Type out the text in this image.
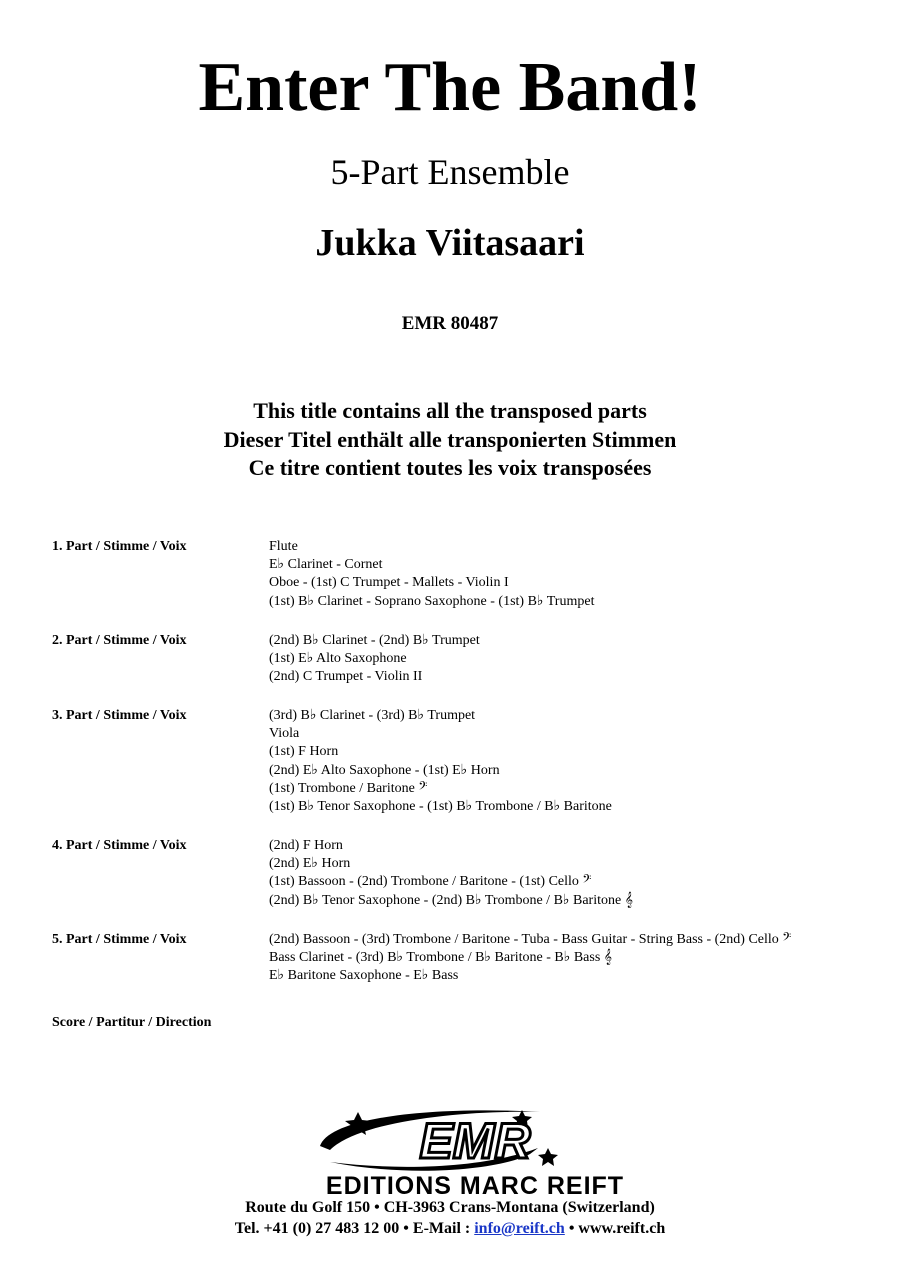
Enter The Band!
5-Part Ensemble
Jukka Viitasaari
EMR 80487
This title contains all the transposed parts
Dieser Titel enthält alle transponierten Stimmen
Ce titre contient toutes les voix transposées
1. Part / Stimme / Voix	Flute
E♭ Clarinet - Cornet
Oboe - (1st) C Trumpet - Mallets - Violin I
(1st) B♭ Clarinet - Soprano Saxophone - (1st) B♭ Trumpet
2. Part / Stimme / Voix	(2nd) B♭ Clarinet - (2nd) B♭ Trumpet
(1st) E♭ Alto Saxophone
(2nd) C Trumpet - Violin II
3. Part / Stimme / Voix	(3rd) B♭ Clarinet - (3rd) B♭ Trumpet
Viola
(1st) F Horn
(2nd) E♭ Alto Saxophone - (1st) E♭ Horn
(1st) Trombone / Baritone 𝄢
(1st) B♭ Tenor Saxophone - (1st) B♭ Trombone / B♭ Baritone
4. Part / Stimme / Voix	(2nd) F Horn
(2nd) E♭ Horn
(1st) Bassoon - (2nd) Trombone / Baritone - (1st) Cello 𝄢
(2nd) B♭ Tenor Saxophone - (2nd) B♭ Trombone / B♭ Baritone 𝄞
5. Part / Stimme / Voix	(2nd) Bassoon - (3rd) Trombone / Baritone - Tuba - Bass Guitar - String Bass - (2nd) Cello 𝄢
Bass Clarinet - (3rd) B♭ Trombone / B♭ Baritone - B♭ Bass 𝄞
E♭ Baritone Saxophone - E♭ Bass
Score / Partitur / Direction
EMR
EDITIONS MARC REIFT
Route du Golf 150 • CH-3963 Crans-Montana (Switzerland)
Tel. +41 (0) 27 483 12 00 • E-Mail : info@reift.ch • www.reift.ch
